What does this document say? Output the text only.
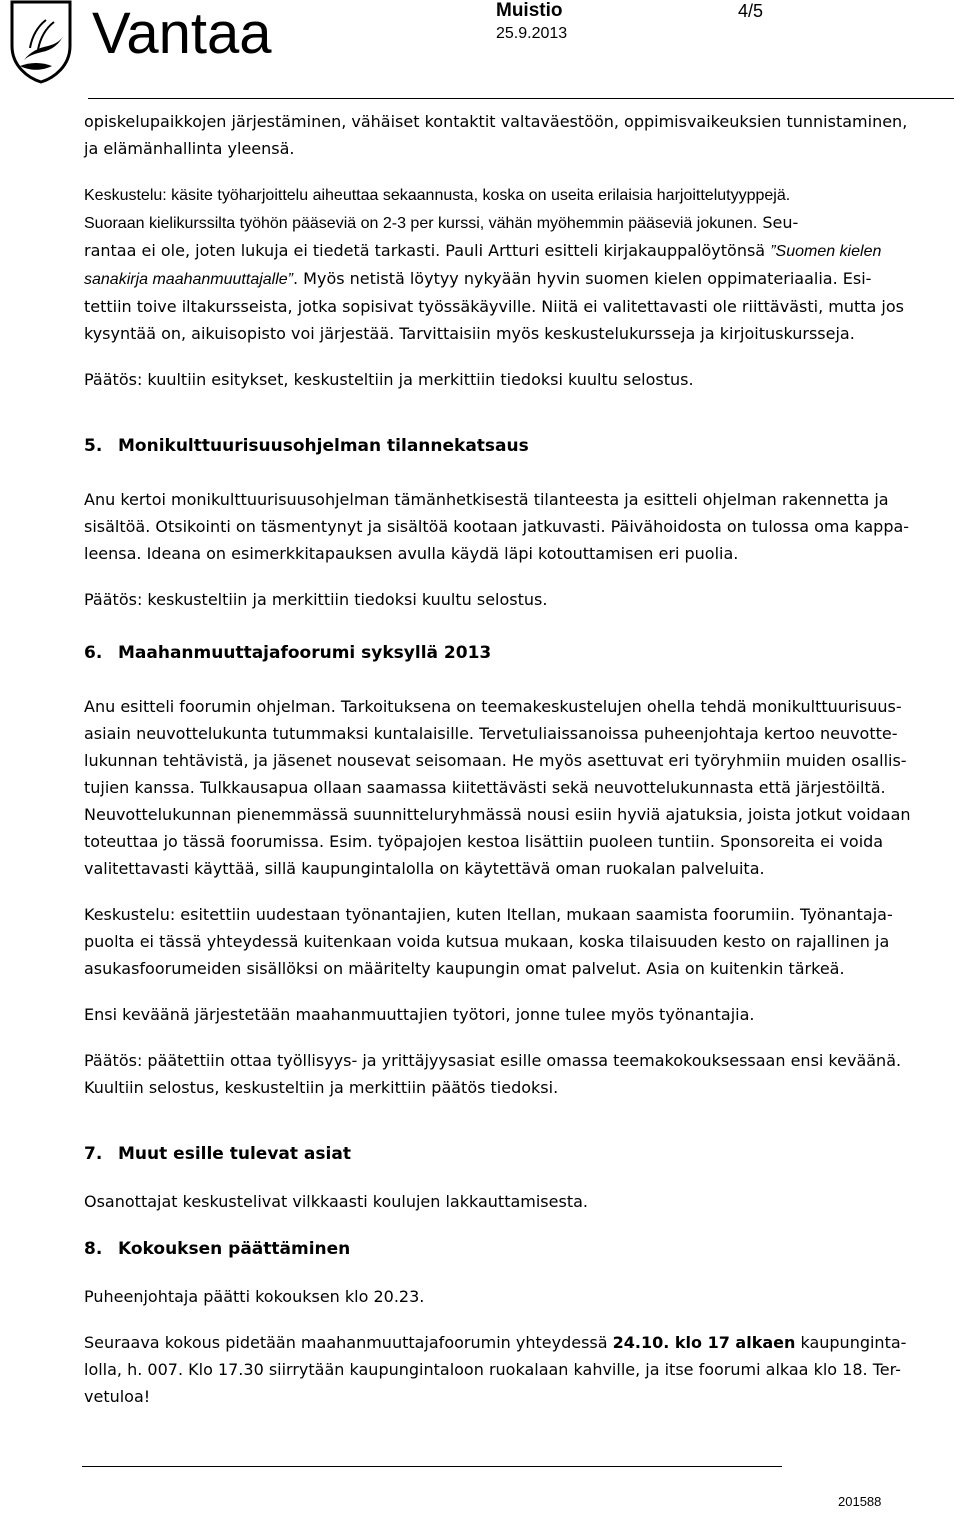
Vantaa	Muistio	4/5
25.9.2013

opiskelupaikkojen järjestäminen, vähäiset kontaktit valtaväestöön, oppimisvaikeuksien tunnistaminen,
ja elämänhallinta yleensä.

Keskustelu: käsite työharjoittelu aiheuttaa sekaannusta, koska on useita erilaisia harjoittelutyyppejä.
Suoraan kielikurssilta työhön pääseviä on 2-3 per kurssi, vähän myöhemmin pääseviä jokunen. Seu-
rantaa ei ole, joten lukuja ei tiedetä tarkasti. Pauli Artturi esitteli kirjakauppalöytönsä ”Suomen kielen
sanakirja maahanmuuttajalle”. Myös netistä löytyy nykyään hyvin suomen kielen oppimateriaalia. Esi-
tettiin toive iltakursseista, jotka sopisivat työssäkäyville. Niitä ei valitettavasti ole riittävästi, mutta jos
kysyntää on, aikuisopisto voi järjestää. Tarvittaisiin myös keskustelukursseja ja kirjoituskursseja.

Päätös: kuultiin esitykset, keskusteltiin ja merkittiin tiedoksi kuultu selostus.

5. Monikulttuurisuusohjelman tilannekatsaus

Anu kertoi monikulttuurisuusohjelman tämänhetkisestä tilanteesta ja esitteli ohjelman rakennetta ja
sisältöä. Otsikointi on täsmentynyt ja sisältöä kootaan jatkuvasti. Päivähoidosta on tulossa oma kappa-
leensa. Ideana on esimerkkitapauksen avulla käydä läpi kotouttamisen eri puolia.

Päätös: keskusteltiin ja merkittiin tiedoksi kuultu selostus.

6. Maahanmuuttajafoorumi syksyllä 2013

Anu esitteli foorumin ohjelman. Tarkoituksena on teemakeskustelujen ohella tehdä monikulttuurisuus-
asiain neuvottelukunta tutummaksi kuntalaisille. Tervetuliaissanoissa puheenjohtaja kertoo neuvotte-
lukunnan tehtävistä, ja jäsenet nousevat seisomaan. He myös asettuvat eri työryhmiin muiden osallis-
tujien kanssa. Tulkkausapua ollaan saamassa kiitettävästi sekä neuvottelukunnasta että järjestöiltä.
Neuvottelukunnan pienemmässä suunnitteluryhmässä nousi esiin hyviä ajatuksia, joista jotkut voidaan
toteuttaa jo tässä foorumissa. Esim. työpajojen kestoa lisättiin puoleen tuntiin. Sponsoreita ei voida
valitettavasti käyttää, sillä kaupungintalolla on käytettävä oman ruokalan palveluita.

Keskustelu: esitettiin uudestaan työnantajien, kuten Itellan, mukaan saamista foorumiin. Työnantaja-
puolta ei tässä yhteydessä kuitenkaan voida kutsua mukaan, koska tilaisuuden kesto on rajallinen ja
asukasfoorumeiden sisällöksi on määritelty kaupungin omat palvelut. Asia on kuitenkin tärkeä.

Ensi keväänä järjestetään maahanmuuttajien työtori, jonne tulee myös työnantajia.

Päätös: päätettiin ottaa työllisyys- ja yrittäjyysasiat esille omassa teemakokouksessaan ensi keväänä.
Kuultiin selostus, keskusteltiin ja merkittiin päätös tiedoksi.

7. Muut esille tulevat asiat

Osanottajat keskustelivat vilkkaasti koulujen lakkauttamisesta.

8. Kokouksen päättäminen

Puheenjohtaja päätti kokouksen klo 20.23.

Seuraava kokous pidetään maahanmuuttajafoorumin yhteydessä 24.10. klo 17 alkaen kaupunginta-
lolla, h. 007. Klo 17.30 siirrytään kaupungintaloon ruokalaan kahville, ja itse foorumi alkaa klo 18. Ter-
vetuloa!

201588
